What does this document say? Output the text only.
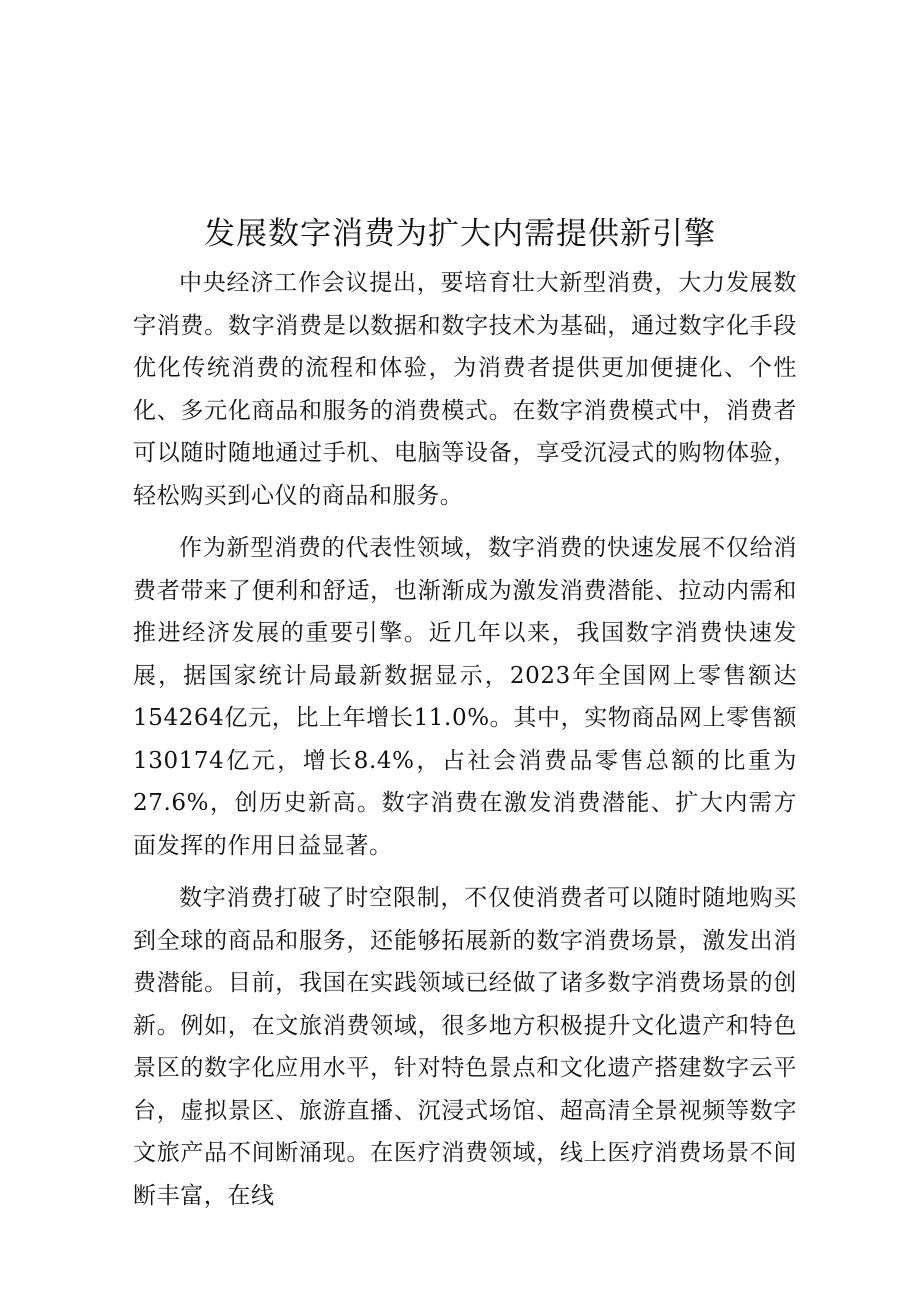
发展数字消费为扩大内需提供新引擎

中央经济工作会议提出，要培育壮大新型消费，大力发展数字消费。数字消费是以数据和数字技术为基础，通过数字化手段优化传统消费的流程和体验，为消费者提供更加便捷化、个性化、多元化商品和服务的消费模式。在数字消费模式中，消费者可以随时随地通过手机、电脑等设备，享受沉浸式的购物体验，轻松购买到心仪的商品和服务。

作为新型消费的代表性领域，数字消费的快速发展不仅给消费者带来了便利和舒适，也渐渐成为激发消费潜能、拉动内需和推进经济发展的重要引擎。近几年以来，我国数字消费快速发展，据国家统计局最新数据显示，2023年全国网上零售额达154264亿元，比上年增长11.0%。其中，实物商品网上零售额130174亿元，增长8.4%，占社会消费品零售总额的比重为27.6%，创历史新高。数字消费在激发消费潜能、扩大内需方面发挥的作用日益显著。

数字消费打破了时空限制，不仅使消费者可以随时随地购买到全球的商品和服务，还能够拓展新的数字消费场景，激发出消费潜能。目前，我国在实践领域已经做了诸多数字消费场景的创新。例如，在文旅消费领域，很多地方积极提升文化遗产和特色景区的数字化应用水平，针对特色景点和文化遗产搭建数字云平台，虚拟景区、旅游直播、沉浸式场馆、超高清全景视频等数字文旅产品不间断涌现。在医疗消费领域，线上医疗消费场景不间断丰富，在线
